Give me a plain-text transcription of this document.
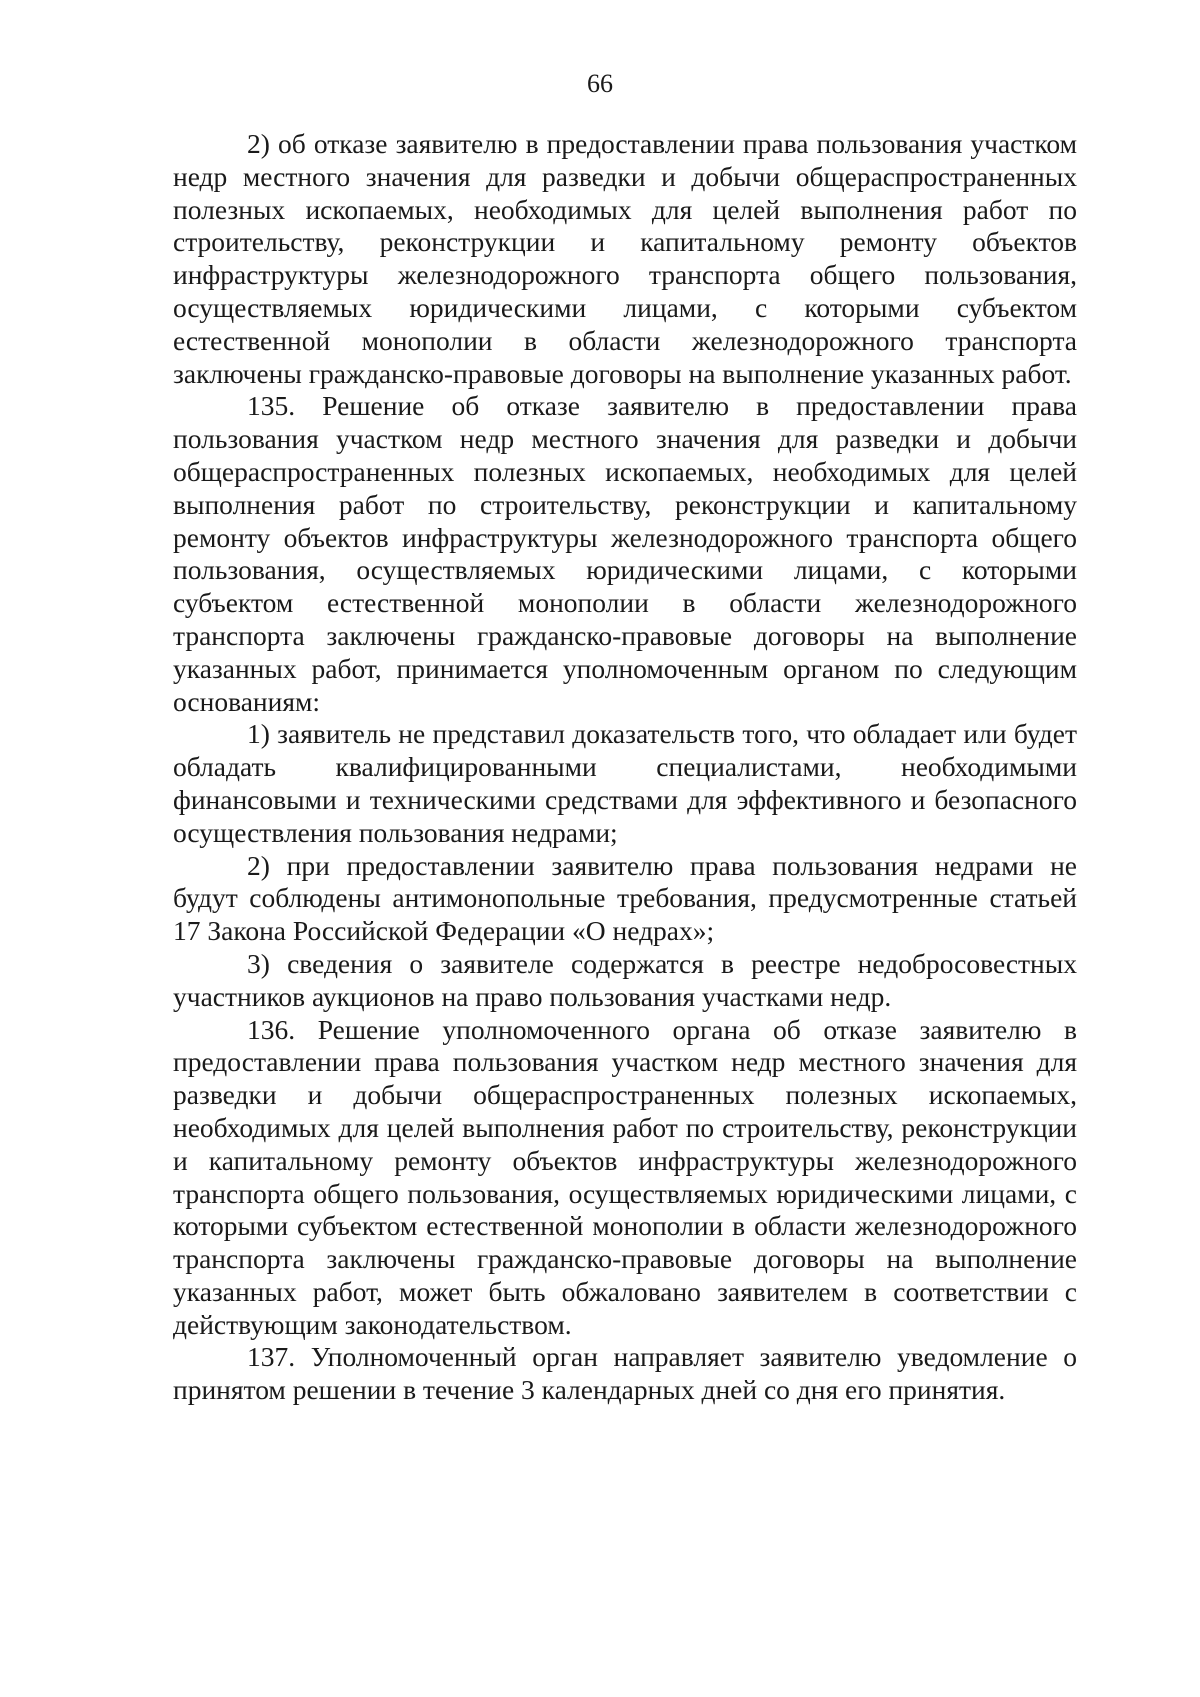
66

2) об отказе заявителю в предоставлении права пользования участком недр местного значения для разведки и добычи общераспространенных полезных ископаемых, необходимых для целей выполнения работ по строительству, реконструкции и капитальному ремонту объектов инфраструктуры железнодорожного транспорта общего пользования, осуществляемых юридическими лицами, с которыми субъектом естественной монополии в области железнодорожного транспорта заключены гражданско-правовые договоры на выполнение указанных работ.

135. Решение об отказе заявителю в предоставлении права пользования участком недр местного значения для разведки и добычи общераспространенных полезных ископаемых, необходимых для целей выполнения работ по строительству, реконструкции и капитальному ремонту объектов инфраструктуры железнодорожного транспорта общего пользования, осуществляемых юридическими лицами, с которыми субъектом естественной монополии в области железнодорожного транспорта заключены гражданско-правовые договоры на выполнение указанных работ, принимается уполномоченным органом по следующим основаниям:

1) заявитель не представил доказательств того, что обладает или будет обладать квалифицированными специалистами, необходимыми финансовыми и техническими средствами для эффективного и безопасного осуществления пользования недрами;

2) при предоставлении заявителю права пользования недрами не будут соблюдены антимонопольные требования, предусмотренные статьей 17 Закона Российской Федерации «О недрах»;

3) сведения о заявителе содержатся в реестре недобросовестных участников аукционов на право пользования участками недр.

136. Решение уполномоченного органа об отказе заявителю в предоставлении права пользования участком недр местного значения для разведки и добычи общераспространенных полезных ископаемых, необходимых для целей выполнения работ по строительству, реконструкции и капитальному ремонту объектов инфраструктуры железнодорожного транспорта общего пользования, осуществляемых юридическими лицами, с которыми субъектом естественной монополии в области железнодорожного транспорта заключены гражданско-правовые договоры на выполнение указанных работ, может быть обжаловано заявителем в соответствии с действующим законодательством.

137. Уполномоченный орган направляет заявителю уведомление о принятом решении в течение 3 календарных дней со дня его принятия.
